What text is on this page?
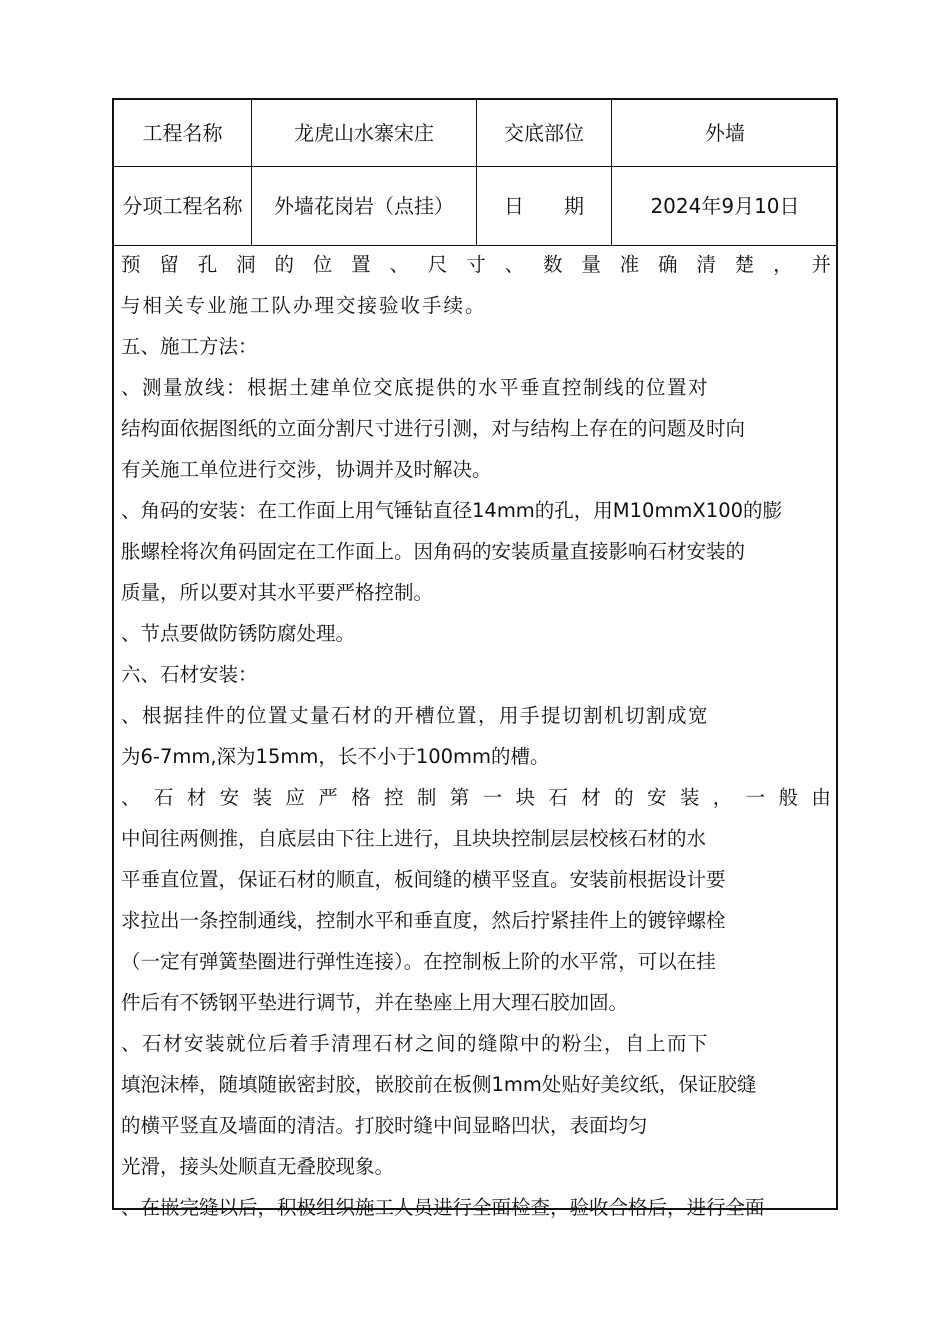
工程名称	龙虎山水寨宋庄	交底部位	外墙
分项工程名称	外墙花岗岩（点挂）	日　　期	2024年9月10日
预 留 孔 洞 的 位 置 、 尺 寸 、 数 量 准 确 清 楚 ， 并
与相关专业施工队办理交接验收手续。
五、施工方法：
、测量放线：根据土建单位交底提供的水平垂直控制线的位置对
结构面依据图纸的立面分割尺寸进行引测，对与结构上存在的问题及时向
有关施工单位进行交涉，协调并及时解决。
、角码的安装：在工作面上用气锤钻直径14mm的孔，用M10mmX100的膨
胀螺栓将次角码固定在工作面上。因角码的安装质量直接影响石材安装的
质量，所以要对其水平要严格控制。
、节点要做防锈防腐处理。
六、石材安装：
、根据挂件的位置丈量石材的开槽位置，用手提切割机切割成宽
为6-7mm,深为15mm，长不小于100mm的槽。
、 石 材 安 装 应 严 格 控 制 第 一 块 石 材 的 安 装 ， 一 般 由
中间往两侧推，自底层由下往上进行，且块块控制层层校核石材的水
平垂直位置，保证石材的顺直，板间缝的横平竖直。安装前根据设计要
求拉出一条控制通线，控制水平和垂直度，然后拧紧挂件上的镀锌螺栓
（一定有弹簧垫圈进行弹性连接）。在控制板上阶的水平常，可以在挂
件后有不锈钢平垫进行调节，并在垫座上用大理石胶加固。
、石材安装就位后着手清理石材之间的缝隙中的粉尘，自上而下
填泡沫棒，随填随嵌密封胶，嵌胶前在板侧1mm处贴好美纹纸，保证胶缝
的横平竖直及墙面的清洁。打胶时缝中间显略凹状，表面均匀
光滑，接头处顺直无叠胶现象。
、在嵌完缝以后，积极组织施工人员进行全面检查，验收合格后，进行全面
